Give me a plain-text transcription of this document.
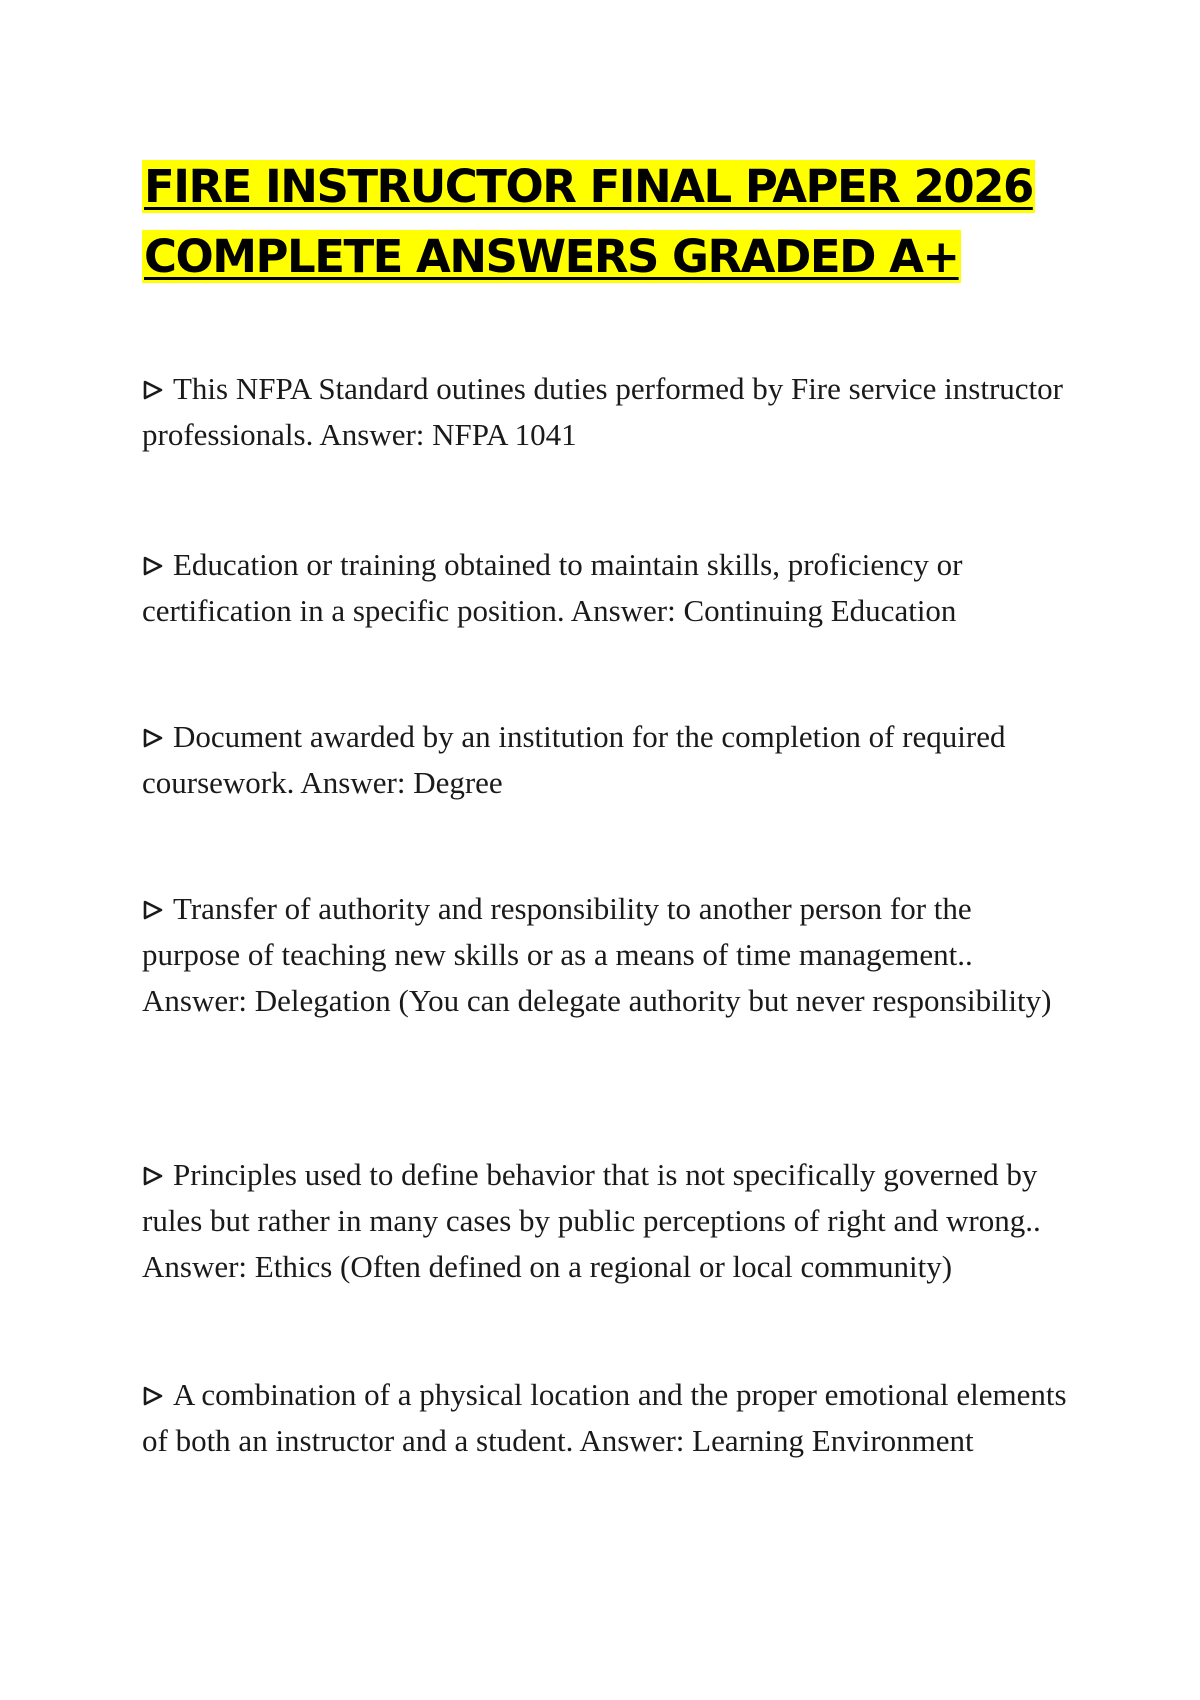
FIRE INSTRUCTOR FINAL PAPER 2026 COMPLETE ANSWERS GRADED A+

This NFPA Standard outines duties performed by Fire service instructor professionals. Answer: NFPA 1041

Education or training obtained to maintain skills, proficiency or certification in a specific position. Answer: Continuing Education

Document awarded by an institution for the completion of required coursework. Answer: Degree

Transfer of authority and responsibility to another person for the purpose of teaching new skills or as a means of time management.. Answer: Delegation (You can delegate authority but never responsibility)

Principles used to define behavior that is not specifically governed by rules but rather in many cases by public perceptions of right and wrong.. Answer: Ethics (Often defined on a regional or local community)

A combination of a physical location and the proper emotional elements of both an instructor and a student. Answer: Learning Environment
